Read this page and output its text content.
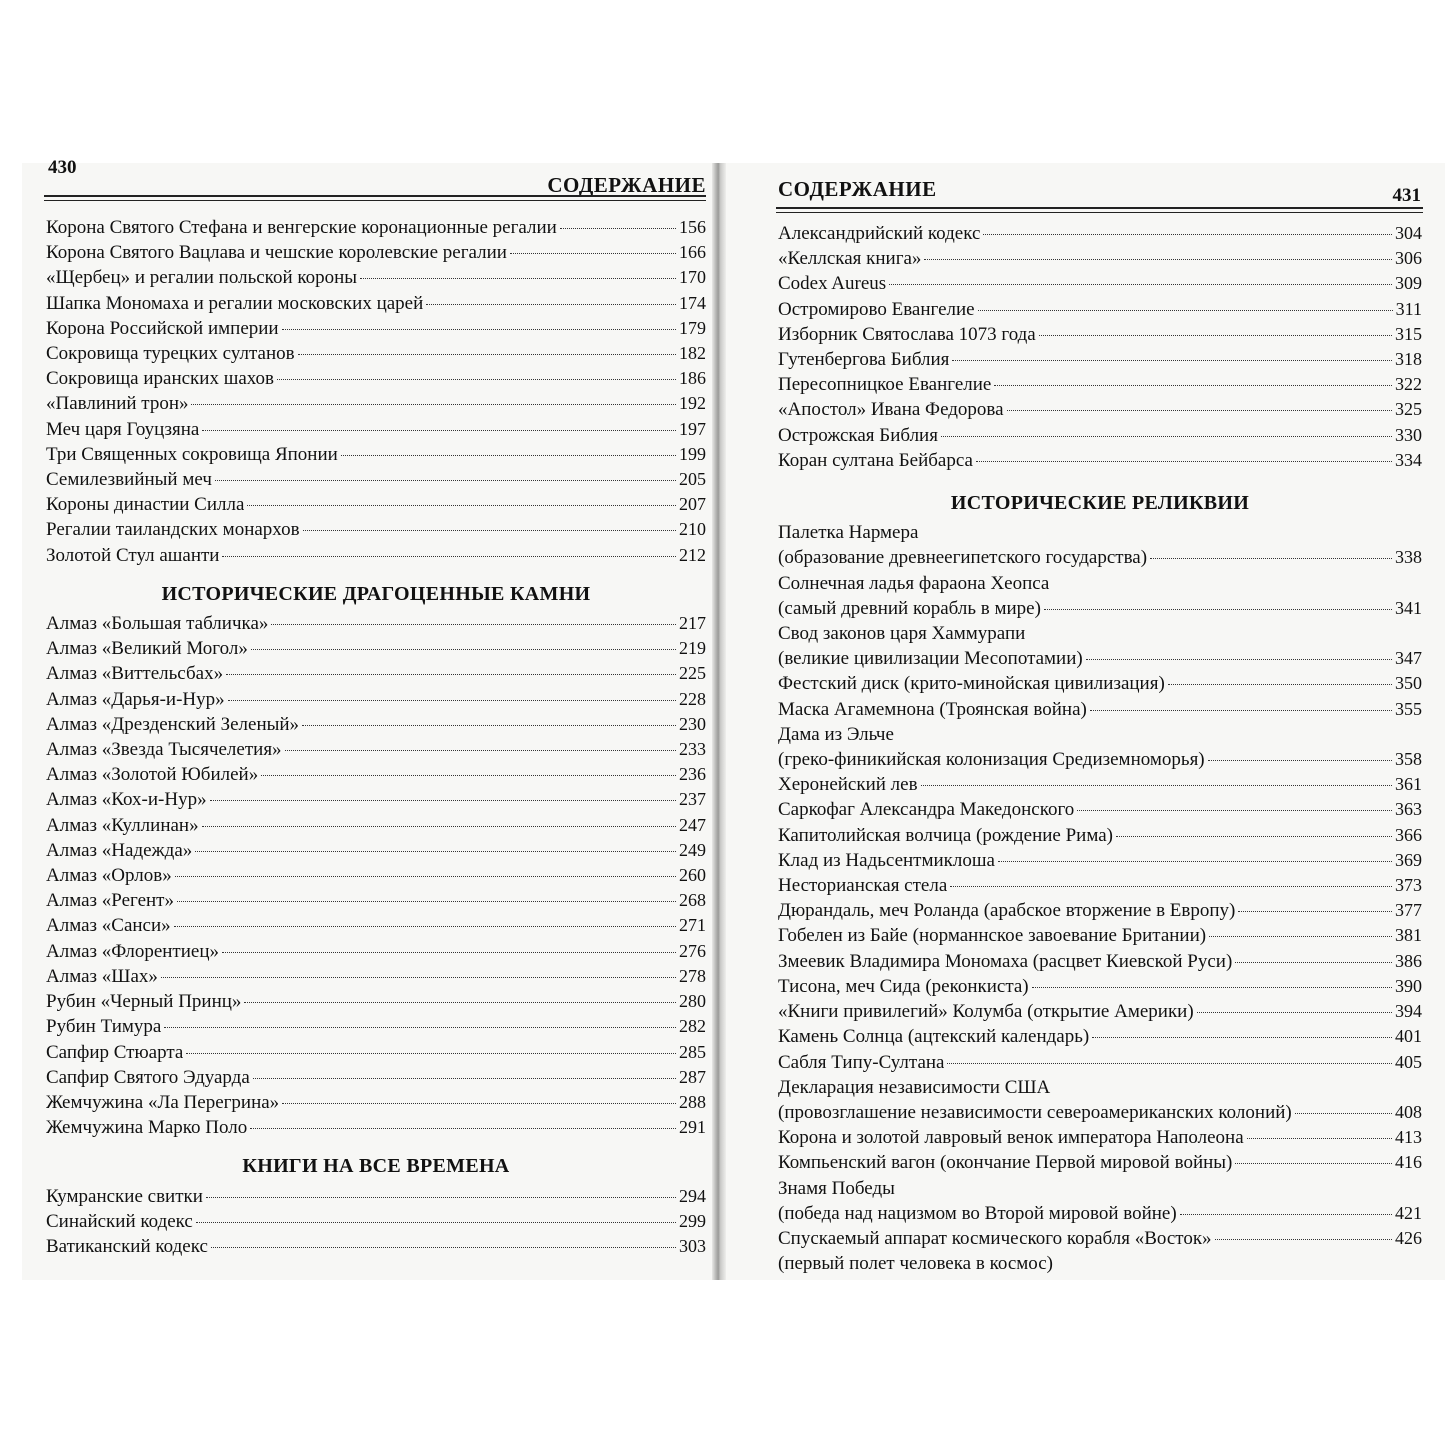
430
СОДЕРЖАНИЕ
Корона Святого Стефана и венгерские коронационные регалии	156
Корона Святого Вацлава и чешские королевские регалии	166
«Щербец» и регалии польской короны	170
Шапка Мономаха и регалии московских царей	174
Корона Российской империи	179
Сокровища турецких султанов	182
Сокровища иранских шахов	186
«Павлиний трон»	192
Меч царя Гоуцзяна	197
Три Священных сокровища Японии	199
Семилезвийный меч	205
Короны династии Силла	207
Регалии таиландских монархов	210
Золотой Стул ашанти	212
ИСТОРИЧЕСКИЕ ДРАГОЦЕННЫЕ КАМНИ
Алмаз «Большая табличка»	217
Алмаз «Великий Могол»	219
Алмаз «Виттельсбах»	225
Алмаз «Дарья-и-Нур»	228
Алмаз «Дрезденский Зеленый»	230
Алмаз «Звезда Тысячелетия»	233
Алмаз «Золотой Юбилей»	236
Алмаз «Кох-и-Нур»	237
Алмаз «Куллинан»	247
Алмаз «Надежда»	249
Алмаз «Орлов»	260
Алмаз «Регент»	268
Алмаз «Санси»	271
Алмаз «Флорентиец»	276
Алмаз «Шах»	278
Рубин «Черный Принц»	280
Рубин Тимура	282
Сапфир Стюарта	285
Сапфир Святого Эдуарда	287
Жемчужина «Ла Перегрина»	288
Жемчужина Марко Поло	291
КНИГИ НА ВСЕ ВРЕМЕНА
Кумранские свитки	294
Синайский кодекс	299
Ватиканский кодекс	303
СОДЕРЖАНИЕ	431
Александрийский кодекс	304
«Келлская книга»	306
Codex Aureus	309
Остромирово Евангелие	311
Изборник Святослава 1073 года	315
Гутенбергова Библия	318
Пересопницкое Евангелие	322
«Апостол» Ивана Федорова	325
Острожская Библия	330
Коран султана Бейбарса	334
ИСТОРИЧЕСКИЕ РЕЛИКВИИ
Палетка Нармера
(образование древнеегипетского государства)	338
Солнечная ладья фараона Хеопса
(самый древний корабль в мире)	341
Свод законов царя Хаммурапи
(великие цивилизации Месопотамии)	347
Фестский диск (крито-минойская цивилизация)	350
Маска Агамемнона (Троянская война)	355
Дама из Эльче
(греко-финикийская колонизация Средиземноморья)	358
Херонейский лев	361
Саркофаг Александра Македонского	363
Капитолийская волчица (рождение Рима)	366
Клад из Надьсентмиклоша	369
Несторианская стела	373
Дюрандаль, меч Роланда (арабское вторжение в Европу)	377
Гобелен из Байе (норманнское завоевание Британии)	381
Змеевик Владимира Мономаха (расцвет Киевской Руси)	386
Тисона, меч Сида (реконкиста)	390
«Книги привилегий» Колумба (открытие Америки)	394
Камень Солнца (ацтекский календарь)	401
Сабля Типу-Султана	405
Декларация независимости США
(провозглашение независимости североамериканских колоний)	408
Корона и золотой лавровый венок императора Наполеона	413
Компьенский вагон (окончание Первой мировой войны)	416
Знамя Победы
(победа над нацизмом во Второй мировой войне)	421
Спускаемый аппарат космического корабля «Восток»	426
(первый полет человека в космос)
